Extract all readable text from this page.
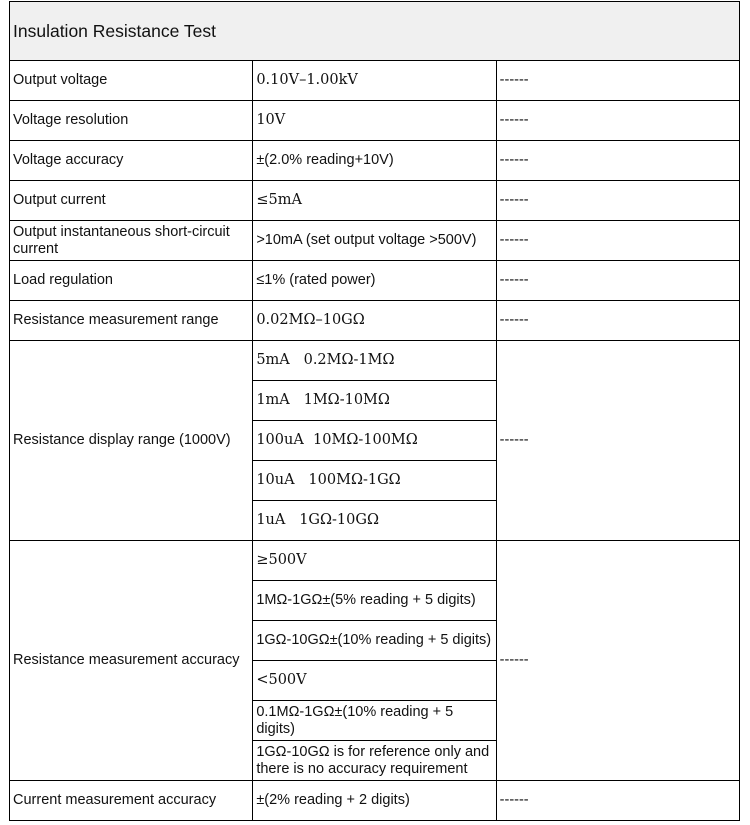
Insulation Resistance Test		
Output voltage	0.10V–1.00kV	------
Voltage resolution	10V	------
Voltage accuracy	±(2.0% reading+10V)	------
Output current	≤5mA	------
Output instantaneous short-circuit current	>10mA (set output voltage >500V)	------
Load regulation	≤1% (rated power)	------
Resistance measurement range	0.02MΩ–10GΩ	------
Resistance display range (1000V)	5mA   0.2MΩ-1MΩ	------
	1mA   1MΩ-10MΩ	
	100uA  10MΩ-100MΩ	
	10uA   100MΩ-1GΩ	
	1uA   1GΩ-10GΩ	
Resistance measurement accuracy	≥500V	------
	1MΩ-1GΩ±(5% reading + 5 digits)	
	1GΩ-10GΩ±(10% reading + 5 digits)	
	<500V	
	0.1MΩ-1GΩ±(10% reading + 5 digits)	
	1GΩ-10GΩ is for reference only and there is no accuracy requirement	
Current measurement accuracy	±(2% reading + 2 digits)	------
